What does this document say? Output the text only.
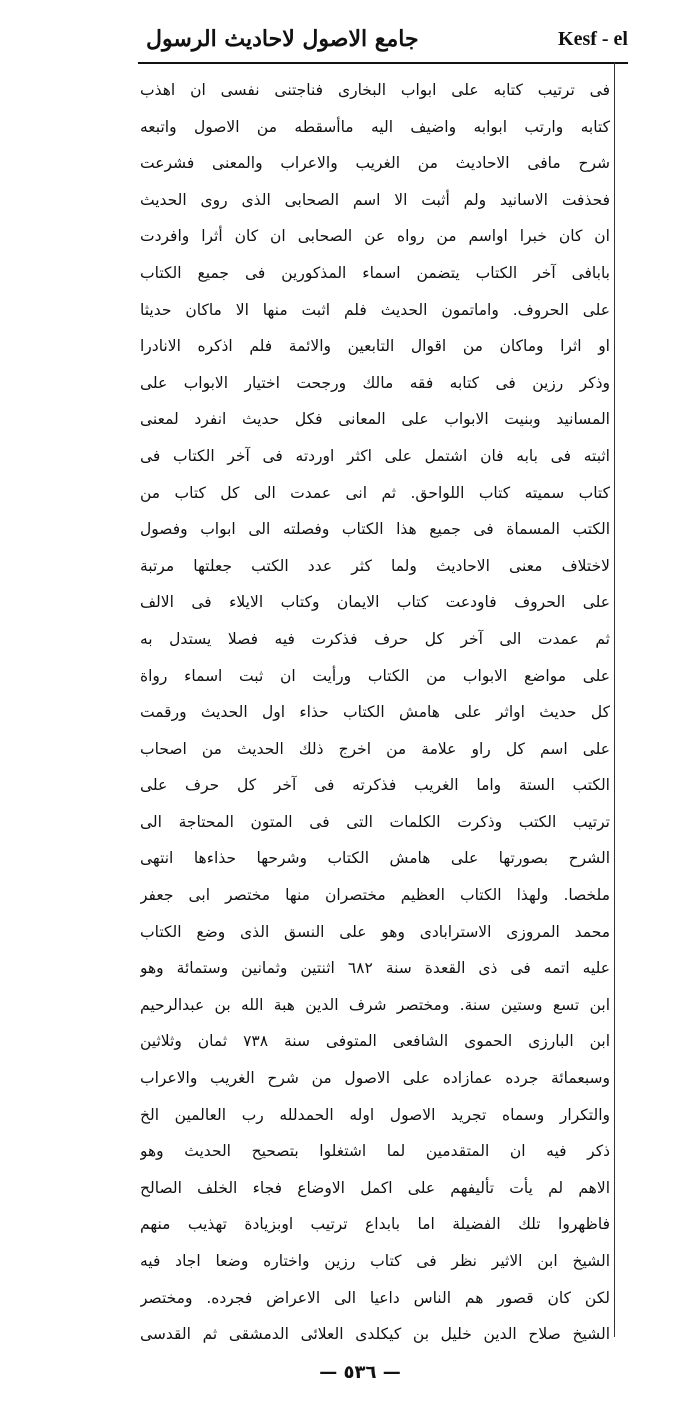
جامع الاصول لاحاديث الرسول	Kesf - el
فى ترتيب كتابه على ابواب البخارى فناجتنى نفسى ان اهذب
كتابه وارتب ابوابه واضيف اليه ماأسقطه من الاصول واتبعه
شرح مافى الاحاديث من الغريب والاعراب والمعنى فشرعت
فحذفت الاسانيد ولم أثبت الا اسم الصحابى الذى روى الحديث
ان كان خبرا اواسم من رواه عن الصحابى ان كان أثرا وافردت
بابافى آخر الكتاب يتضمن اسماء المذكورين فى جميع الكتاب
على الحروف. واماتمون الحديث فلم اثبت منها الا ماكان حديثا
او اثرا وماكان من اقوال التابعين والائمة فلم اذكره الانادرا
وذكر رزين فى كتابه فقه مالك ورجحت اختيار الابواب على
المسانيد وبنيت الابواب على المعانى فكل حديث انفرد لمعنى
اثبته فى بابه فان اشتمل على اكثر اوردته فى آخر الكتاب فى
كتاب سميته كتاب اللواحق. ثم انى عمدت الى كل كتاب من
الكتب المسماة فى جميع هذا الكتاب وفصلته الى ابواب وفصول
لاختلاف معنى الاحاديث ولما كثر عدد الكتب جعلتها مرتبة
على الحروف فاودعت كتاب الايمان وكتاب الايلاء فى الالف
ثم عمدت الى آخر كل حرف فذكرت فيه فصلا يستدل به
على مواضع الابواب من الكتاب ورأيت ان ثبت اسماء رواة
كل حديث اواثر على هامش الكتاب حذاء اول الحديث ورقمت
على اسم كل راو علامة من اخرج ذلك الحديث من اصحاب
الكتب الستة واما الغريب فذكرته فى آخر كل حرف على
ترتيب الكتب وذكرت الكلمات التى فى المتون المحتاجة الى
الشرح بصورتها على هامش الكتاب وشرحها حذاءها انتهى
ملخصا. ولهذا الكتاب العظيم مختصران منها مختصر ابى جعفر
محمد المروزى الاسترابادى وهو على النسق الذى وضع الكتاب
عليه اتمه فى ذى القعدة سنة ٦٨٢ اثنتين وثمانين وستمائة وهو
ابن تسع وستين سنة. ومختصر شرف الدين هبة الله بن عبدالرحيم
ابن البارزى الحموى الشافعى المتوفى سنة ٧٣٨ ثمان وثلاثين
وسبعمائة جرده عمازاده على الاصول من شرح الغريب والاعراب
والتكرار وسماه تجريد الاصول اوله الحمدلله رب العالمين الخ
ذكر فيه ان المتقدمين لما اشتغلوا بتصحيح الحديث وهو
الاهم لم يأت تأليفهم على اكمل الاوضاع فجاء الخلف الصالح
فاظهروا تلك الفضيلة اما بابداع ترتيب اوبزيادة تهذيب منهم
الشيخ ابن الاثير نظر فى كتاب رزين واختاره وضعا اجاد فيه
لكن كان قصور هم الناس داعيا الى الاعراض فجرده. ومختصر
الشيخ صلاح الدين خليل بن كيكلدى العلائى الدمشقى ثم القدسى
— ٥٣٦ —
